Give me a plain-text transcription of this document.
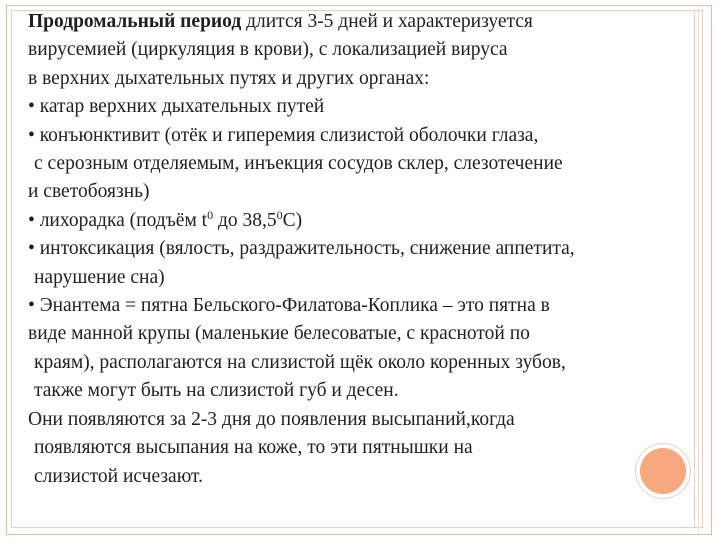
Продромальный период длится 3-5 дней и характеризуется
вирусемией (циркуляция в крови), с локализацией вируса
в верхних дыхательных путях и других органах:
• катар верхних дыхательных путей
• конъюнктивит (отёк и гиперемия слизистой оболочки глаза,
с серозным отделяемым, инъекция сосудов склер, слезотечение
и светобоязнь)
• лихорадка (подъём $t^0$ до 38,5$^0$С)
• интоксикация (вялость, раздражительность, снижение аппетита,
нарушение сна)
• Энантема = пятна Бельского-Филатова-Коплика – это пятна в
виде манной крупы (маленькие белесоватые, с краснотой по
краям), располагаются на слизистой щёк около коренных зубов,
также могут быть на слизистой губ и десен.
Они появляются за 2-3 дня до появления высыпаний,когда
появляются высыпания на коже, то эти пятнышки на
слизистой исчезают.
